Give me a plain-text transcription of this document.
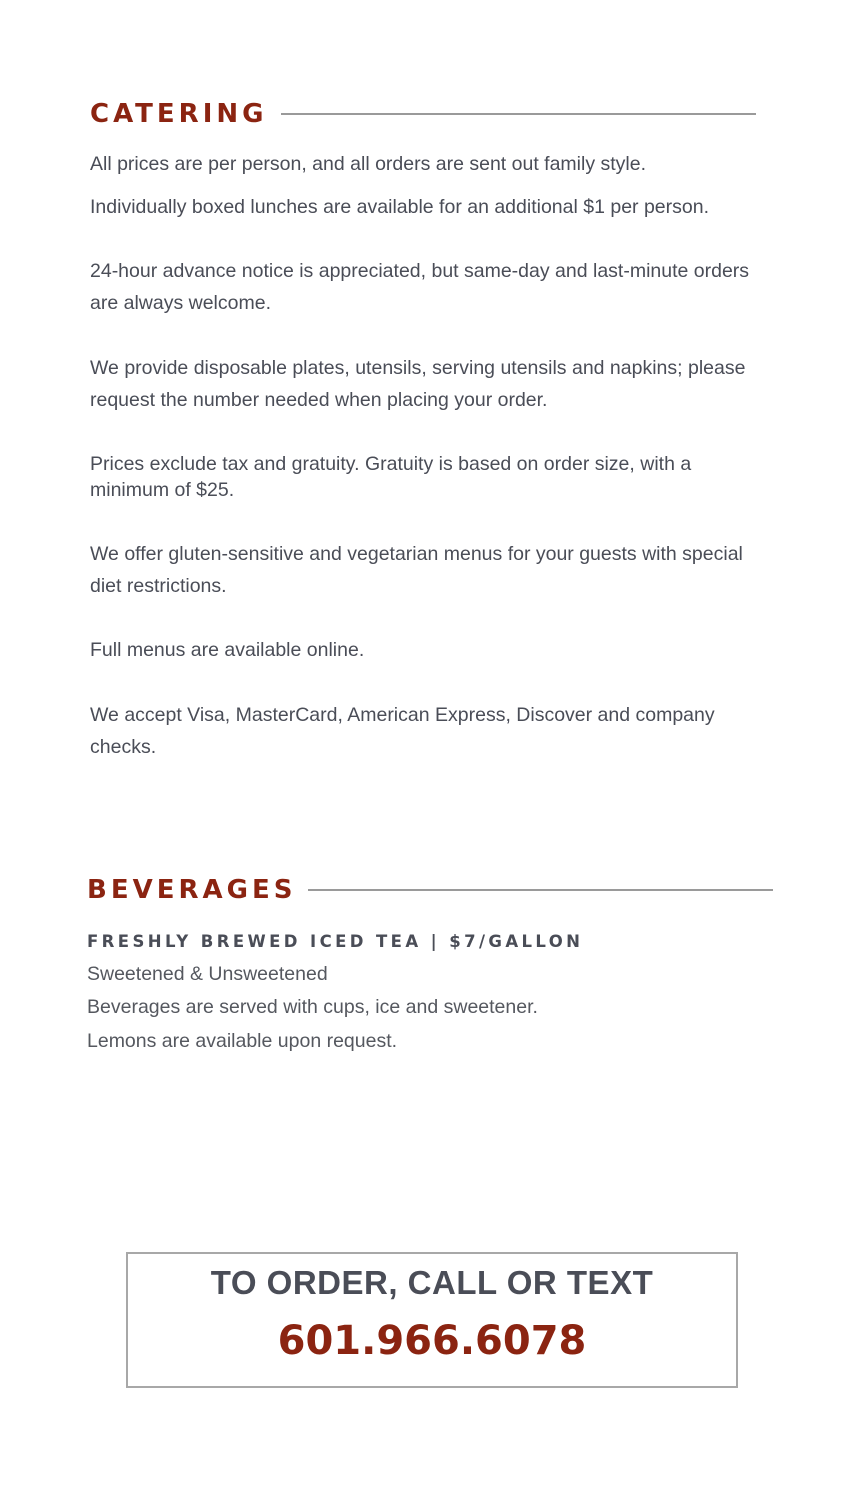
CATERING

All prices are per person, and all orders are sent out family style.

Individually boxed lunches are available for an additional $1 per person.

24-hour advance notice is appreciated, but same-day and last-minute orders are always welcome.

We provide disposable plates, utensils, serving utensils and napkins; please request the number needed when placing your order.

Prices exclude tax and gratuity. Gratuity is based on order size, with a minimum of $25.

We offer gluten-sensitive and vegetarian menus for your guests with special diet restrictions.

Full menus are available online.

We accept Visa, MasterCard, American Express, Discover and company checks.

BEVERAGES
FRESHLY BREWED ICED TEA | $7/GALLON
Sweetened & Unsweetened
Beverages are served with cups, ice and sweetener.
Lemons are available upon request.
TO ORDER, CALL OR TEXT
601.966.6078
